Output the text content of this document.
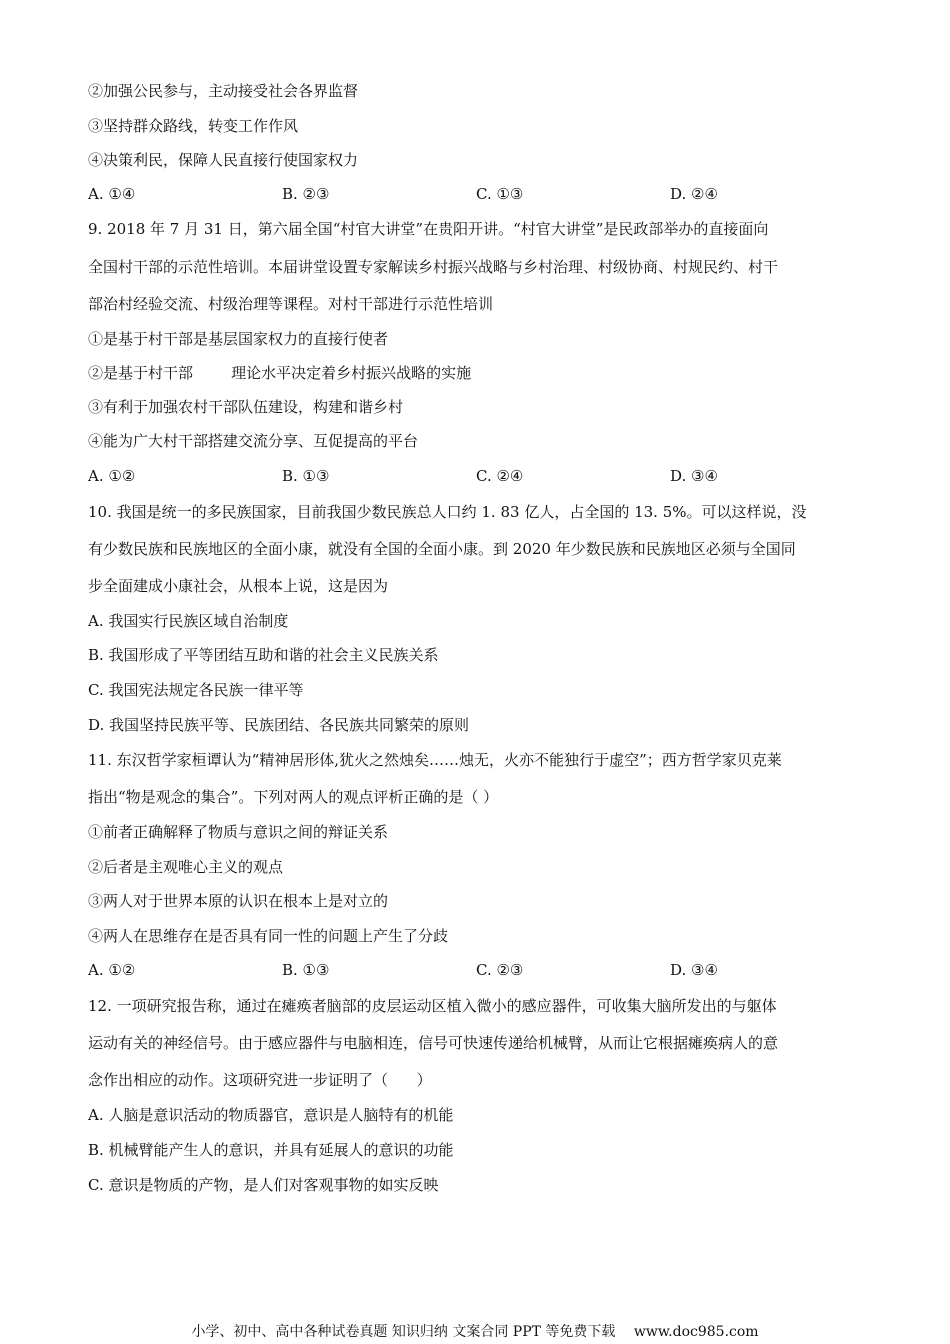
②加强公民参与，主动接受社会各界监督
③坚持群众路线，转变工作作风
④决策利民，保障人民直接行使国家权力
A. ①④	B. ②③	C. ①③	D. ②④
9. 2018 年 7 月 31 日，第六届全国“村官大讲堂”在贵阳开讲。“村官大讲堂”是民政部举办的直接面向
全国村干部的示范性培训。本届讲堂设置专家解读乡村振兴战略与乡村治理、村级协商、村规民约、村干
部治村经验交流、村级治理等课程。对村干部进行示范性培训
①是基于村干部是基层国家权力的直接行使者
②是基于村干部        理论水平决定着乡村振兴战略的实施
③有利于加强农村干部队伍建设，构建和谐乡村
④能为广大村干部搭建交流分享、互促提高的平台
A. ①②	B. ①③	C. ②④	D. ③④
10. 我国是统一的多民族国家，目前我国少数民族总人口约 1. 83 亿人，占全国的 13. 5%。可以这样说，没
有少数民族和民族地区的全面小康，就没有全国的全面小康。到 2020 年少数民族和民族地区必须与全国同
步全面建成小康社会，从根本上说，这是因为
A. 我国实行民族区域自治制度
B. 我国形成了平等团结互助和谐的社会主义民族关系
C. 我国宪法规定各民族一律平等
D. 我国坚持民族平等、民族团结、各民族共同繁荣的原则
11. 东汉哲学家桓谭认为“精神居形体,犹火之然烛矣……烛无，火亦不能独行于虚空”；西方哲学家贝克莱
指出“物是观念的集合”。下列对两人的观点评析正确的是（ ）
①前者正确解释了物质与意识之间的辩证关系
②后者是主观唯心主义的观点
③两人对于世界本原的认识在根本上是对立的
④两人在思维存在是否具有同一性的问题上产生了分歧
A. ①②	B. ①③	C. ②③	D. ③④
12. 一项研究报告称，通过在瘫痪者脑部的皮层运动区植入微小的感应器件，可收集大脑所发出的与躯体
运动有关的神经信号。由于感应器件与电脑相连，信号可快速传递给机械臂，从而让它根据瘫痪病人的意
念作出相应的动作。这项研究进一步证明了（      ）
A. 人脑是意识活动的物质器官，意识是人脑特有的机能
B. 机械臂能产生人的意识，并具有延展人的意识的功能
C. 意识是物质的产物，是人们对客观事物的如实反映
小学、初中、高中各种试卷真题 知识归纳 文案合同 PPT 等免费下载 www.doc985.com
